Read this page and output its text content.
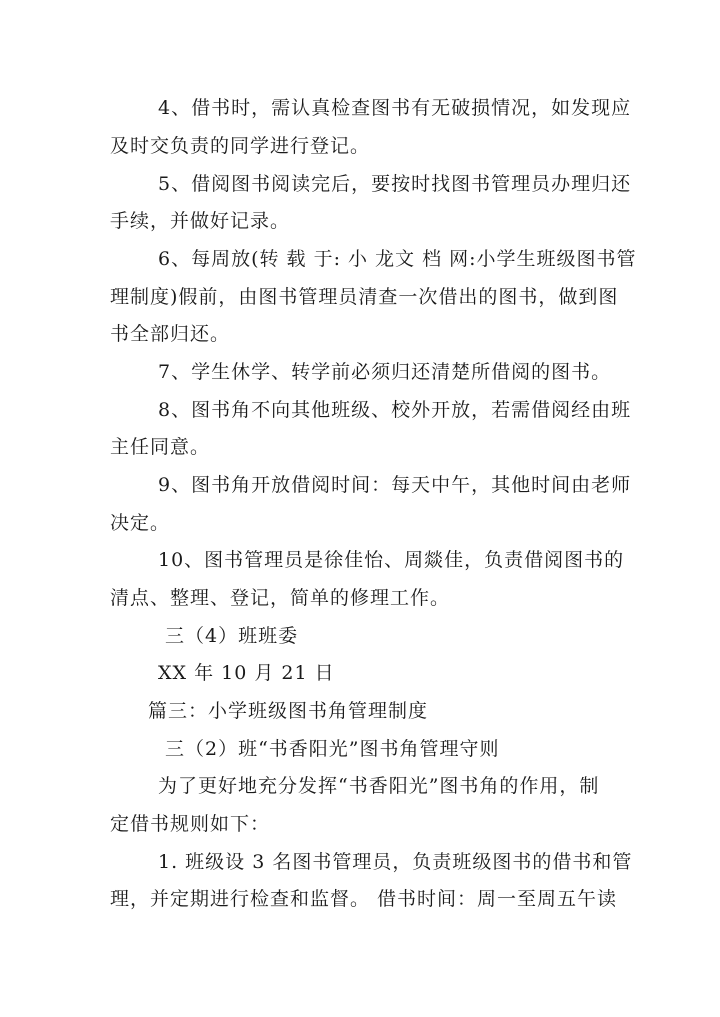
4、借书时，需认真检查图书有无破损情况，如发现应
及时交负责的同学进行登记。
5、借阅图书阅读完后，要按时找图书管理员办理归还
手续，并做好记录。
6、每周放(转 载 于: 小 龙文 档 网:小学生班级图书管
理制度)假前，由图书管理员清查一次借出的图书，做到图
书全部归还。
7、学生休学、转学前必须归还清楚所借阅的图书。
8、图书角不向其他班级、校外开放，若需借阅经由班
主任同意。
9、图书角开放借阅时间：每天中午，其他时间由老师
决定。
10、图书管理员是徐佳怡、周燚佳，负责借阅图书的
清点、整理、登记，简单的修理工作。
三（4）班班委
XX 年 10 月 21 日
篇三：小学班级图书角管理制度
三（2）班“书香阳光”图书角管理守则
为了更好地充分发挥“书香阳光”图书角的作用，制
定借书规则如下：
1. 班级设 3 名图书管理员，负责班级图书的借书和管
理，并定期进行检查和监督。 借书时间：周一至周五午读
